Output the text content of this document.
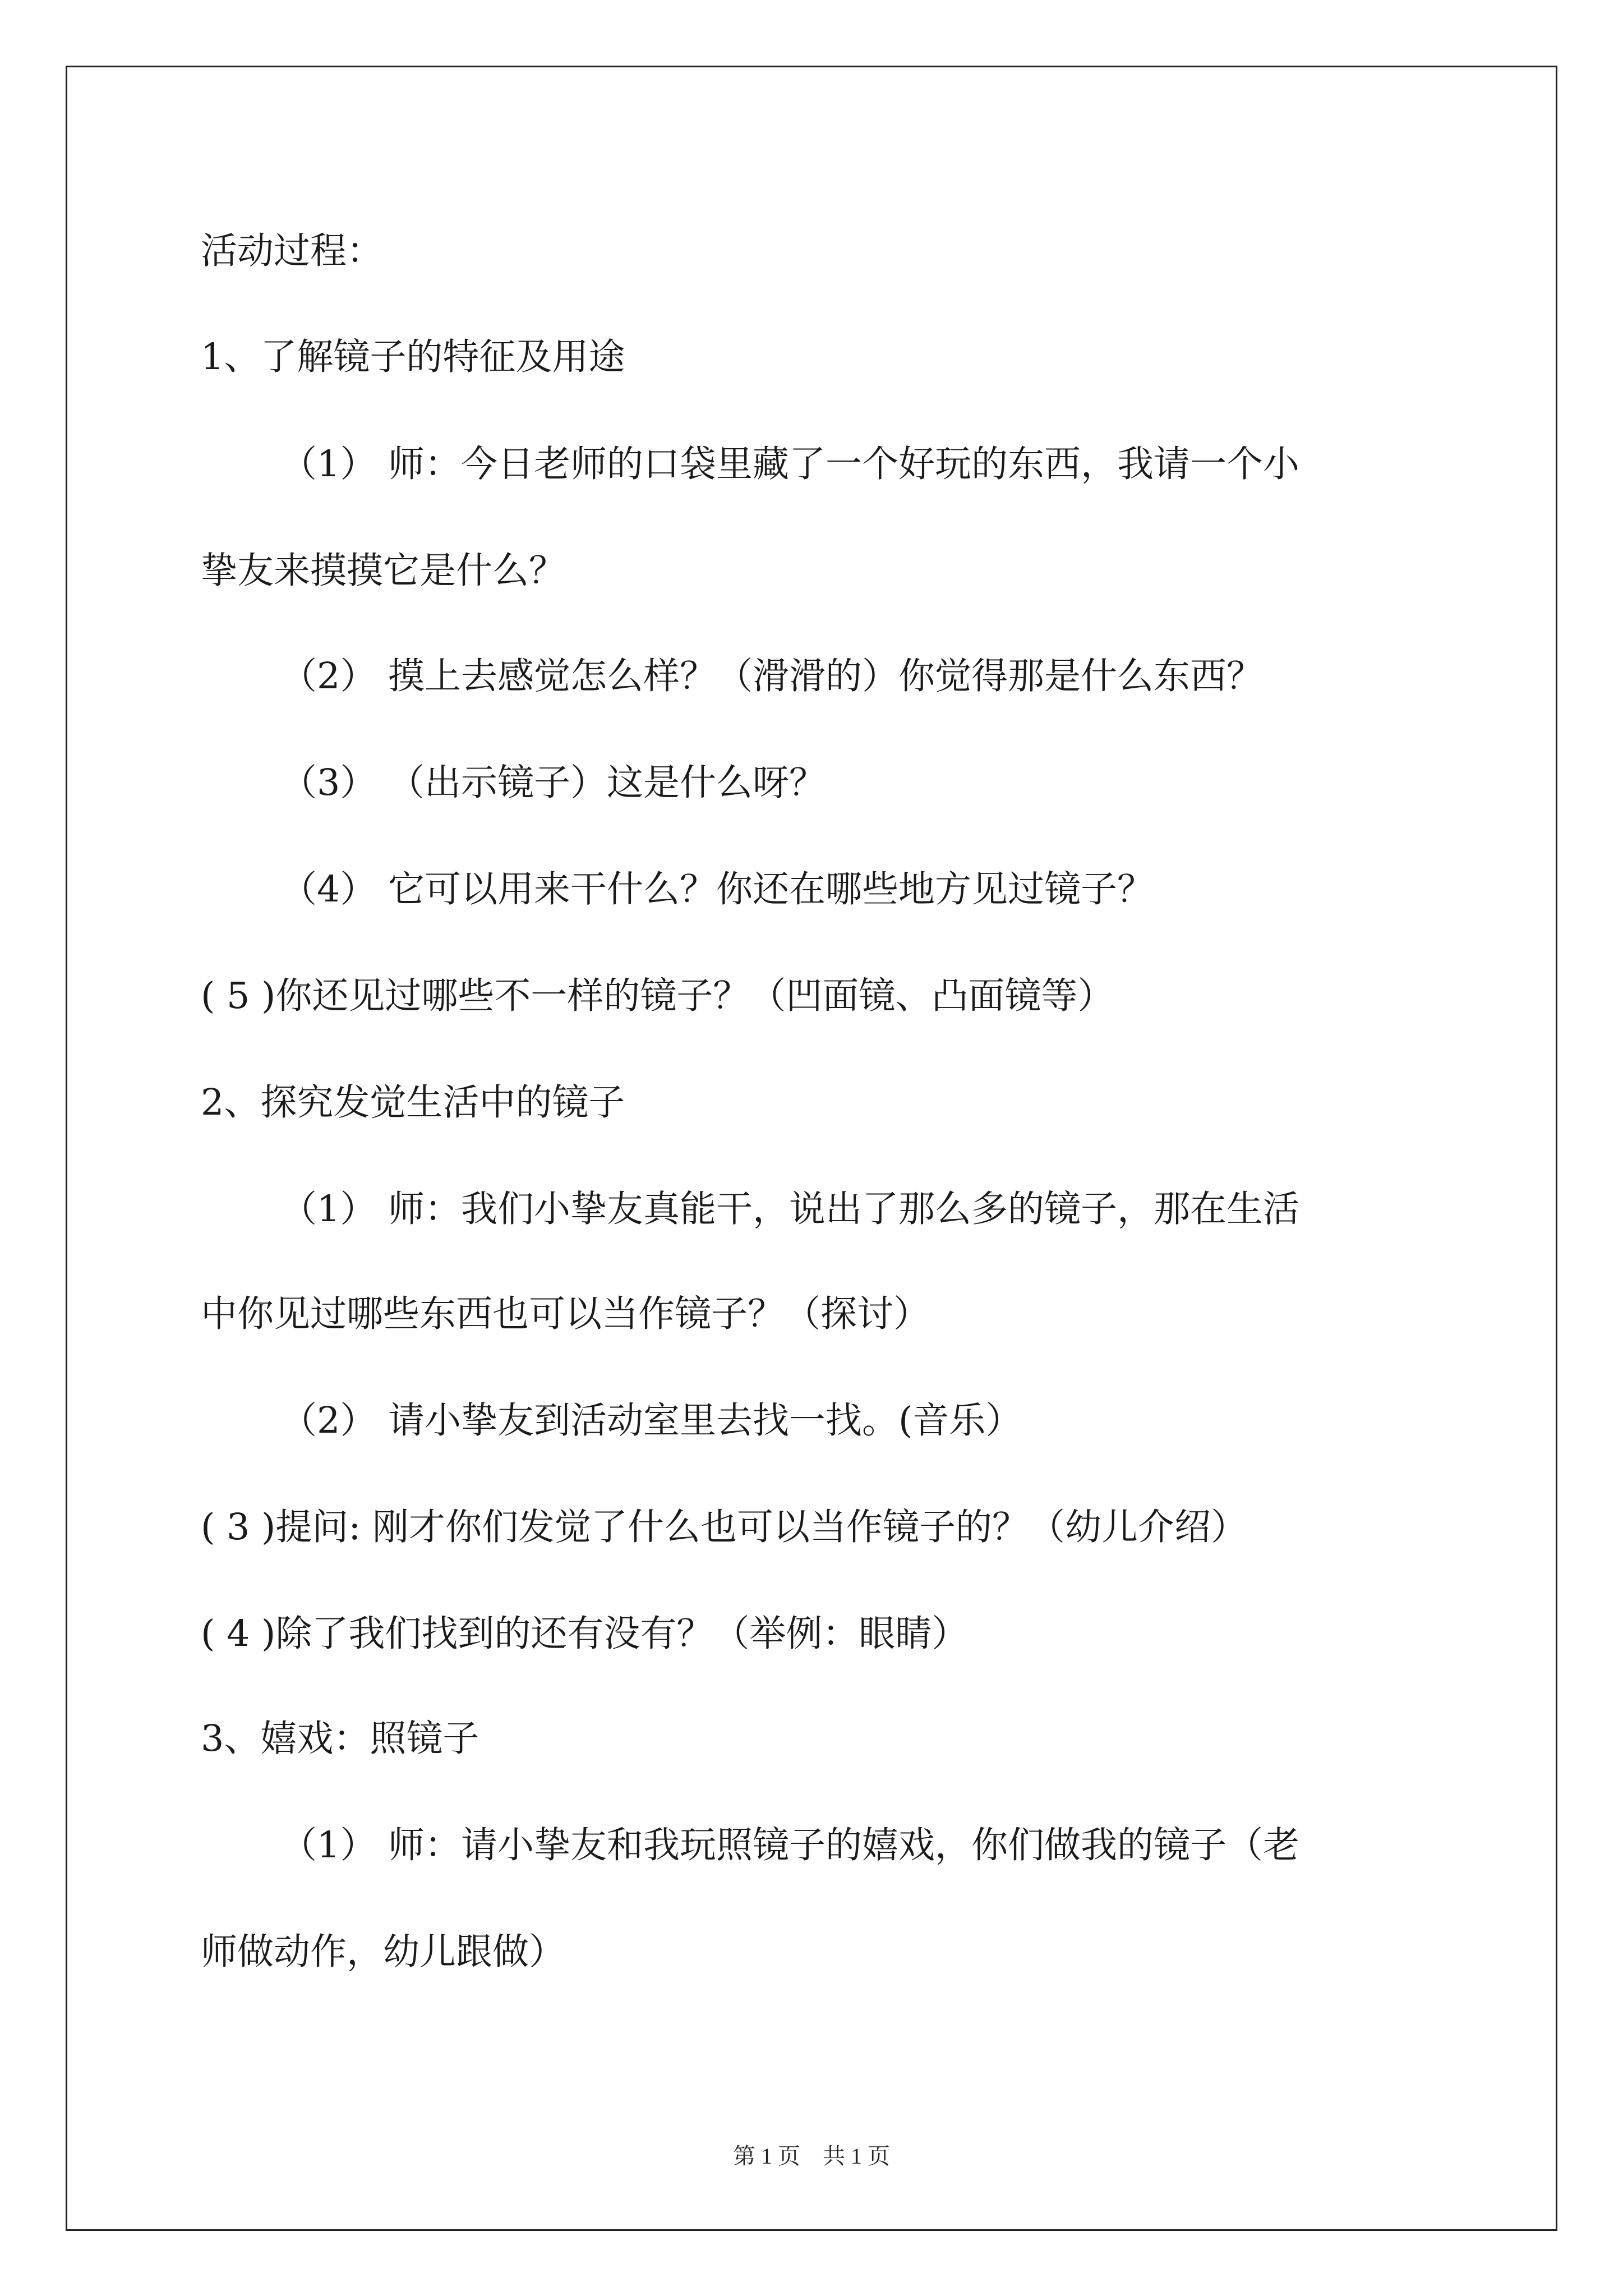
活动过程：
1、了解镜子的特征及用途
（1） 师：今日老师的口袋里藏了一个好玩的东西，我请一个小
挚友来摸摸它是什么？
（2） 摸上去感觉怎么样？（滑滑的）你觉得那是什么东西？
（3） （出示镜子）这是什么呀？
（4） 它可以用来干什么？你还在哪些地方见过镜子？
( 5 )你还见过哪些不一样的镜子？（凹面镜、凸面镜等）
2、探究发觉生活中的镜子
（1） 师：我们小挚友真能干，说出了那么多的镜子，那在生活
中你见过哪些东西也可以当作镜子？（探讨）
（2） 请小挚友到活动室里去找一找。(音乐）
( 3 )提问: 刚才你们发觉了什么也可以当作镜子的？（幼儿介绍）
( 4 )除了我们找到的还有没有？（举例：眼睛）
3、嬉戏：照镜子
（1） 师：请小挚友和我玩照镜子的嬉戏，你们做我的镜子（老
师做动作，幼儿跟做）
第 1 页　共 1 页
